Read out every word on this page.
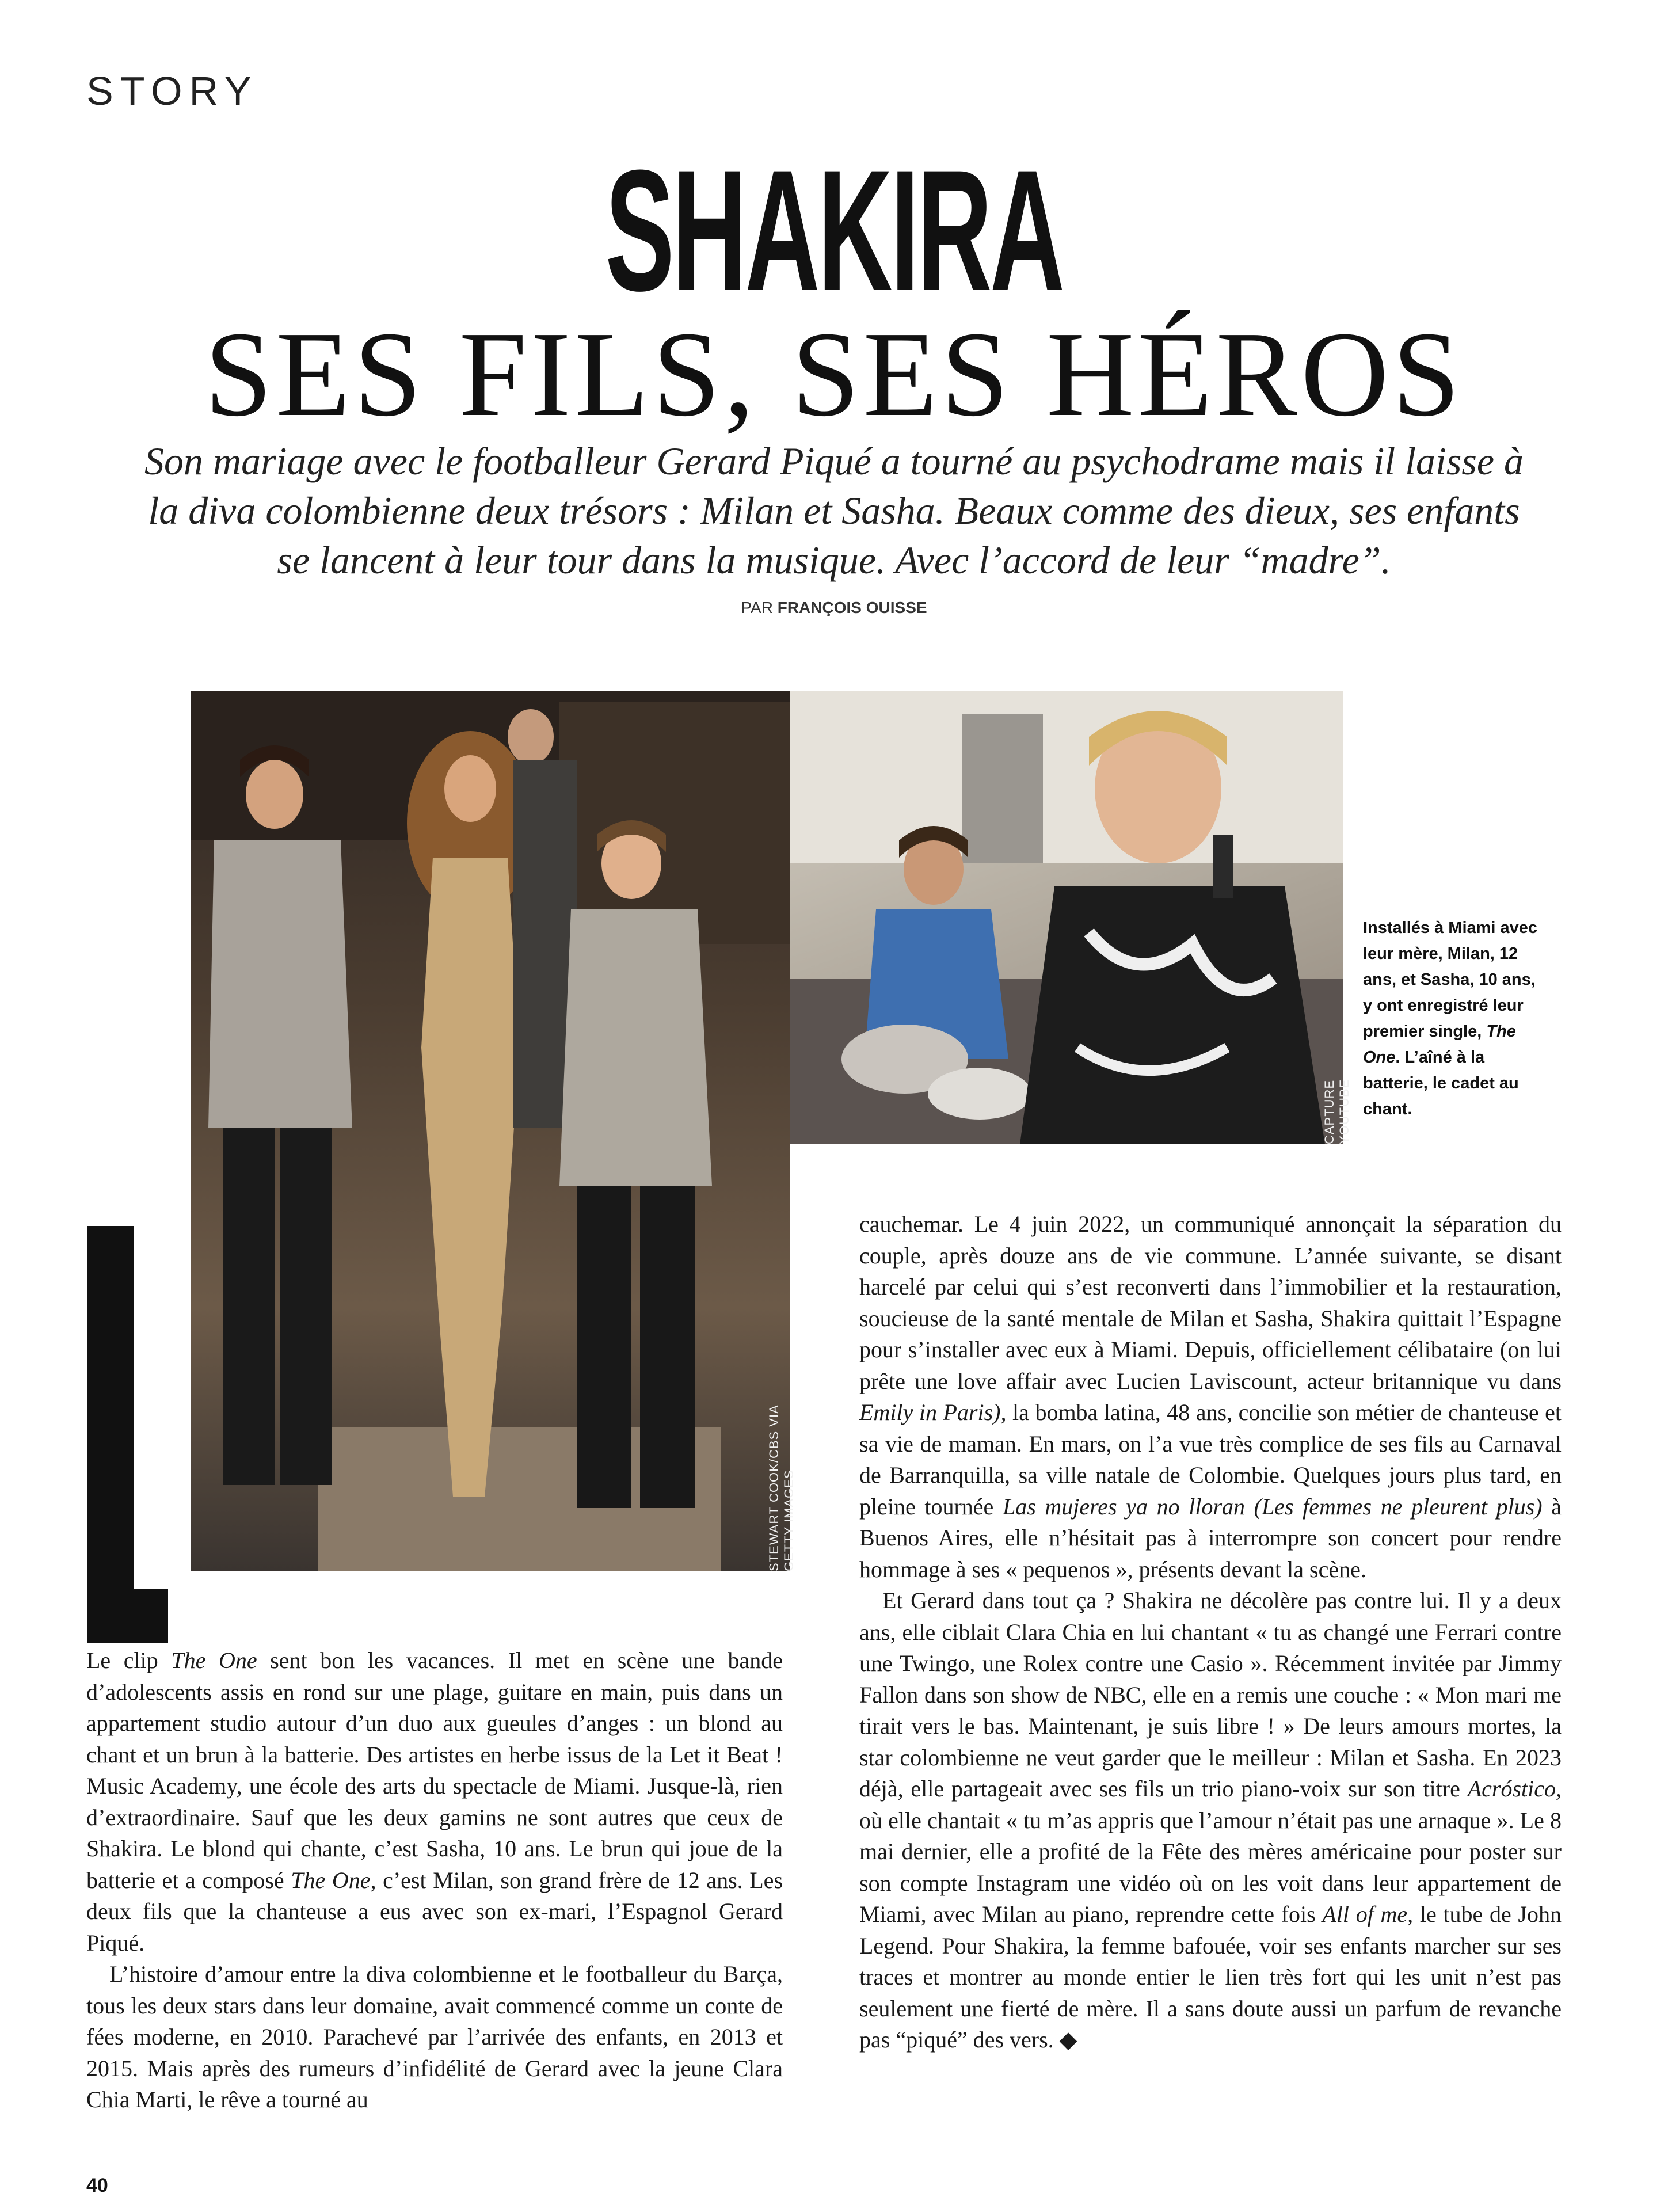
STORY
SHAKIRA
SES FILS, SES HÉROS
Son mariage avec le footballeur Gerard Piqué a tourné au psychodrame mais il laisse à la diva colombienne deux trésors : Milan et Sasha. Beaux comme des dieux, ses enfants se lancent à leur tour dans la musique. Avec l’accord de leur “madre”.
PAR FRANÇOIS OUISSE
STEWART COOK/CBS VIA GETTY IMAGES
CAPTURE YOUTUBE
Installés à Miami avec leur mère, Milan, 12 ans, et Sasha, 10 ans, y ont enregistré leur premier single, The One. L’aîné à la batterie, le cadet au chant.

Le clip The One sent bon les vacances. Il met en scène une bande d’adolescents assis en rond sur une plage, guitare en main, puis dans un appartement studio autour d’un duo aux gueules d’anges : un blond au chant et un brun à la batterie. Des artistes en herbe issus de la Let it Beat ! Music Academy, une école des arts du spectacle de Miami. Jusque-là, rien d’extraordinaire. Sauf que les deux gamins ne sont autres que ceux de Shakira. Le blond qui chante, c’est Sasha, 10 ans. Le brun qui joue de la batterie et a composé The One, c’est Milan, son grand frère de 12 ans. Les deux fils que la chanteuse a eus avec son ex-mari, l’Espagnol Gerard Piqué.

L’histoire d’amour entre la diva colombienne et le footballeur du Barça, tous les deux stars dans leur domaine, avait commencé comme un conte de fées moderne, en 2010. Parachevé par l’arrivée des enfants, en 2013 et 2015. Mais après des rumeurs d’infidélité de Gerard avec la jeune Clara Chia Marti, le rêve a tourné au

cauchemar. Le 4 juin 2022, un communiqué annonçait la séparation du couple, après douze ans de vie commune. L’année suivante, se disant harcelé par celui qui s’est reconverti dans l’immobilier et la restauration, soucieuse de la santé mentale de Milan et Sasha, Shakira quittait l’Espagne pour s’installer avec eux à Miami. Depuis, officiellement célibataire (on lui prête une love affair avec Lucien Laviscount, acteur britannique vu dans Emily in Paris), la bomba latina, 48 ans, concilie son métier de chanteuse et sa vie de maman. En mars, on l’a vue très complice de ses fils au Carnaval de Barranquilla, sa ville natale de Colombie. Quelques jours plus tard, en pleine tournée Las mujeres ya no lloran (Les femmes ne pleurent plus) à Buenos Aires, elle n’hésitait pas à interrompre son concert pour rendre hommage à ses « pequenos », présents devant la scène.

Et Gerard dans tout ça ? Shakira ne décolère pas contre lui. Il y a deux ans, elle ciblait Clara Chia en lui chantant « tu as changé une Ferrari contre une Twingo, une Rolex contre une Casio ». Récemment invitée par Jimmy Fallon dans son show de NBC, elle en a remis une couche : « Mon mari me tirait vers le bas. Maintenant, je suis libre ! » De leurs amours mortes, la star colombienne ne veut garder que le meilleur : Milan et Sasha. En 2023 déjà, elle partageait avec ses fils un trio piano-voix sur son titre Acróstico, où elle chantait « tu m’as appris que l’amour n’était pas une arnaque ». Le 8 mai dernier, elle a profité de la Fête des mères américaine pour poster sur son compte Instagram une vidéo où on les voit dans leur appartement de Miami, avec Milan au piano, reprendre cette fois All of me, le tube de John Legend. Pour Shakira, la femme bafouée, voir ses enfants marcher sur ses traces et montrer au monde entier le lien très fort qui les unit n’est pas seulement une fierté de mère. Il a sans doute aussi un parfum de revanche pas “piqué” des vers. ◆

40
